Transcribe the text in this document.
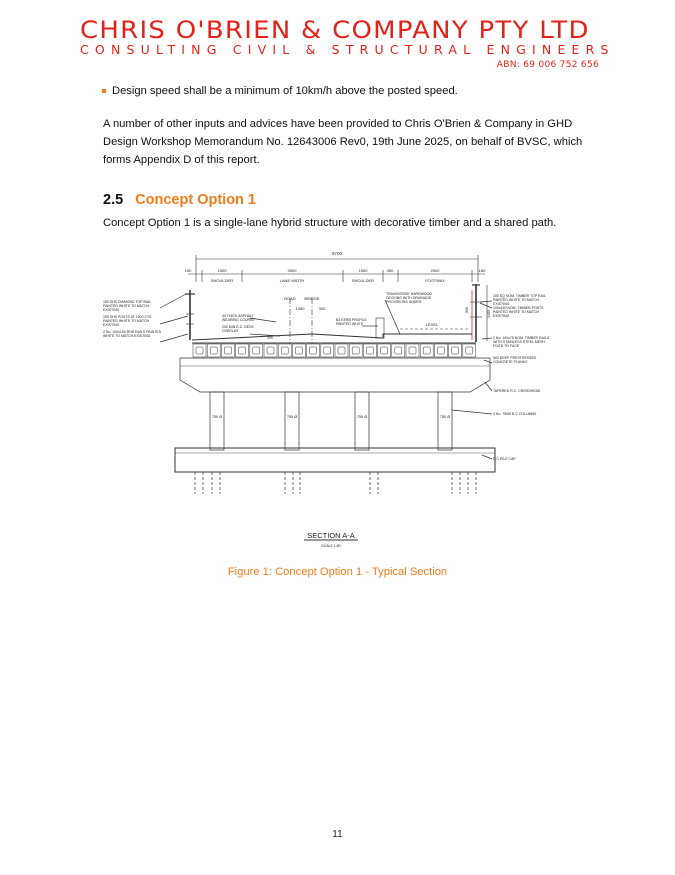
CHRIS O'BRIEN & COMPANY PTY LTD
CONSULTING CIVIL & STRUCTURAL ENGINEERS
ABN: 69 006 752 656
Design speed shall be a minimum of 10km/h above the posted speed.
A number of other inputs and advices have been provided to Chris O'Brien & Company in GHD Design Workshop Memorandum No. 12643006 Rev0, 19th June 2025, on behalf of BVSC, which forms Appendix D of this report.
2.5 Concept Option 1
Concept Option 1 is a single-lane hybrid structure with decorative timber and a shared path.
9700
150	1500	3500	1500	450	2500	150
SHOULDER	LANE WIDTH	SHOULDER	FOOTWAY
ROAD BRIDGE
1450	300
3%
LEVEL
900	1400
750 Ø	750 Ø	750 Ø	750 Ø
150 SHS DIAMOND TOP RAIL PAINTED WHITE TO MATCH EXISTING
150 SHS POSTS AT 1500 CTS PAINTED WHITE TO MATCH EXISTING
2 No. 100x150 RHS RAILS PAINTED WHITE TO MATCH EXISTING
40 THICK ASPHALT WEARING COURSE
200 MIN R.C. DECK OVERLAY
TRANSVERSE HARDWOOD DECKING WITH DRAINAGE PROVISIONS UNDER
B3 KERB PROFILE PAINTED WHITE
100 SQ NOM. TIMBER TOP RAIL PAINTED WHITE TO MATCH EXISTING
100x150 NOM. TIMBER POSTS PAINTED WHITE TO MATCH EXISTING
2 No. 100x75 NOM. TIMBER RAILS WITH STAINLESS STEEL MESH FIXED TO FACE
500 DEEP PRESTRESSED CONCRETE PLANKS
TAPERED R.C. CROSSHEAD
4 No. 750Ø R.C COLUMNS
R.C PILE CAP
SECTION A-A
SCALE 1:50
Figure 1: Concept Option 1 - Typical Section
11
